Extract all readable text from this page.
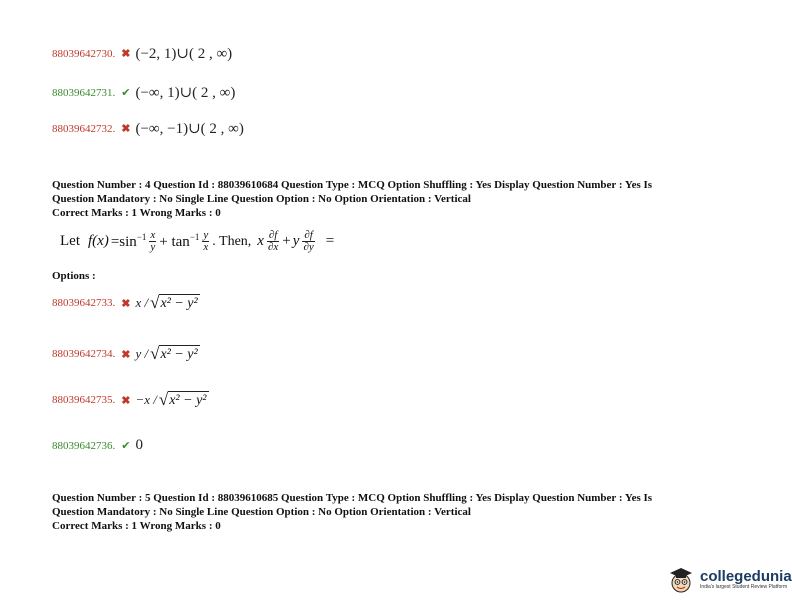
88039642730. ✖ (−2, 1)∪( 2 , ∞)
88039642731. ✔ (−∞, 1)∪( 2 , ∞)
88039642732. ✖ (−∞, −1)∪( 2 , ∞)
Question Number : 4 Question Id : 88039610684 Question Type : MCQ Option Shuffling : Yes Display Question Number : Yes Is
Question Mandatory : No Single Line Question Option : No Option Orientation : Vertical
Correct Marks : 1 Wrong Marks : 0
Let $f(x) =\sin^{-1} \frac{x}{y} + \tan^{-1} \frac{y}{x}$ . Then, x $\frac{\partial f}{\partial x} + y \frac{\partial f}{\partial y}$ =
Options :
88039642733. ✖ x / √ x² − y²
88039642734. ✖ y / √ x² − y²
88039642735. ✖ −x / √ x² − y²
88039642736. ✔ 0
Question Number : 5 Question Id : 88039610685 Question Type : MCQ Option Shuffling : Yes Display Question Number : Yes Is
Question Mandatory : No Single Line Question Option : No Option Orientation : Vertical
Correct Marks : 1 Wrong Marks : 0
collegedunia
India's largest Student Review Platform
